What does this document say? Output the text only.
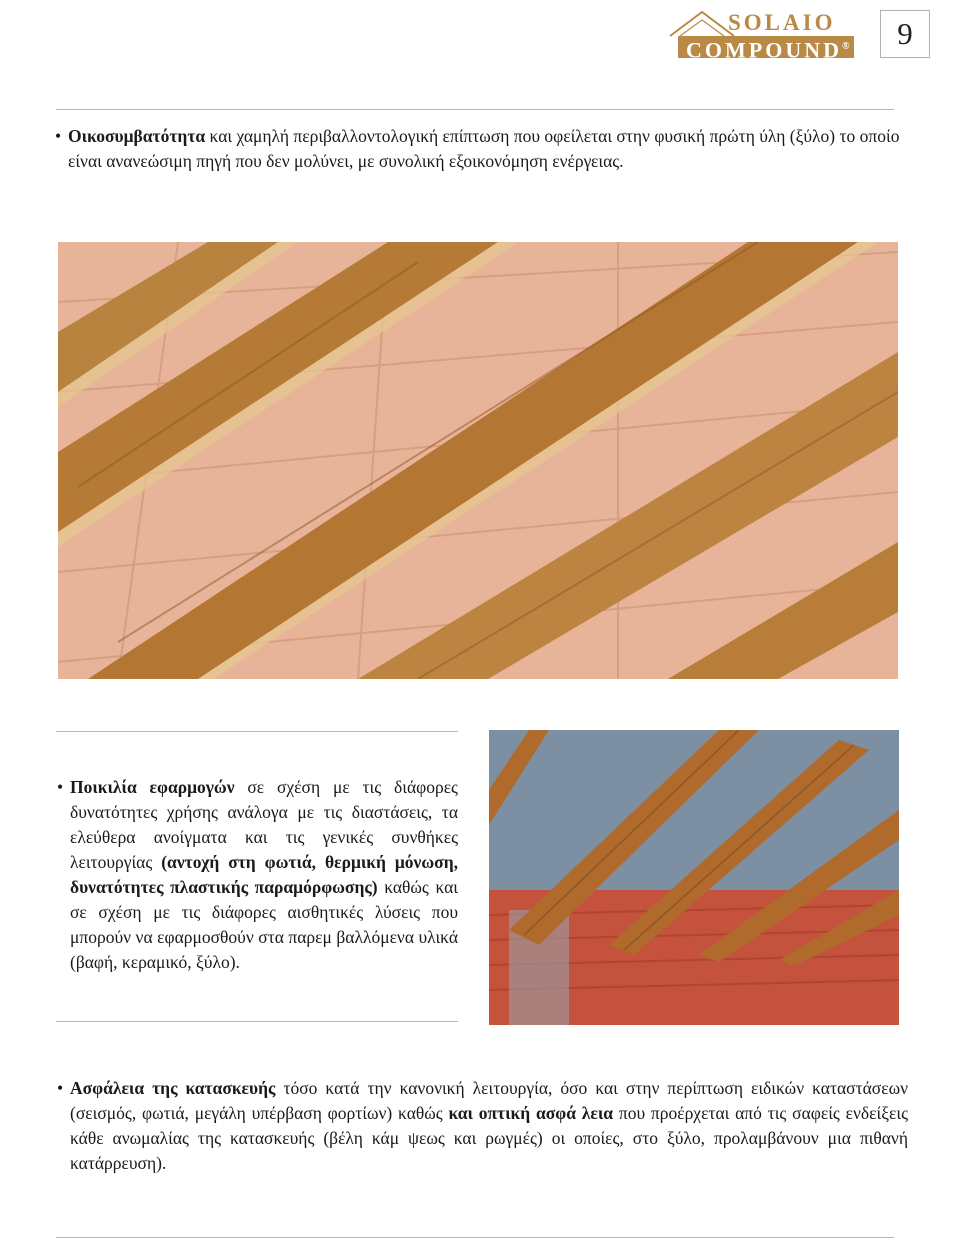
SOLAIO
COMPOUND®	9
• Οικοσυμβατότητα και χαμηλή περιβαλλοντολογική επίπτωση που οφείλεται στην φυσική πρώτη ύλη (ξύλο) το οποίο είναι ανανεώσιμη πηγή που δεν μολύνει, με συνολική εξοικονόμηση ενέργειας.
• Ποικιλία εφαρμογών σε σχέση με τις διάφορες δυνατότητες χρήσης ανάλογα με τις διαστάσεις, τα ελεύθερα ανοίγματα και τις γενικές συνθήκες λειτουργίας (αντοχή στη φωτιά, θερμική μόνωση, δυνατότητες πλαστικής παραμόρφωσης) καθώς και σε σχέση με τις διάφορες αισθητικές λύσεις που μπορούν να εφαρμοσθούν στα παρεμ βαλλόμενα υλικά (βαφή, κεραμικό, ξύλο).
• Ασφάλεια της κατασκευής τόσο κατά την κανονική λειτουργία, όσο και στην περίπτωση ειδικών καταστάσεων (σεισμός, φωτιά, μεγάλη υπέρβαση φορτίων) καθώς και οπτική ασφά λεια που προέρχεται από τις σαφείς ενδείξεις κάθε ανωμαλίας της κατασκευής (βέλη κάμ ψεως και ρωγμές) οι οποίες, στο ξύλο, προλαμβάνουν μια πιθανή κατάρρευση).
